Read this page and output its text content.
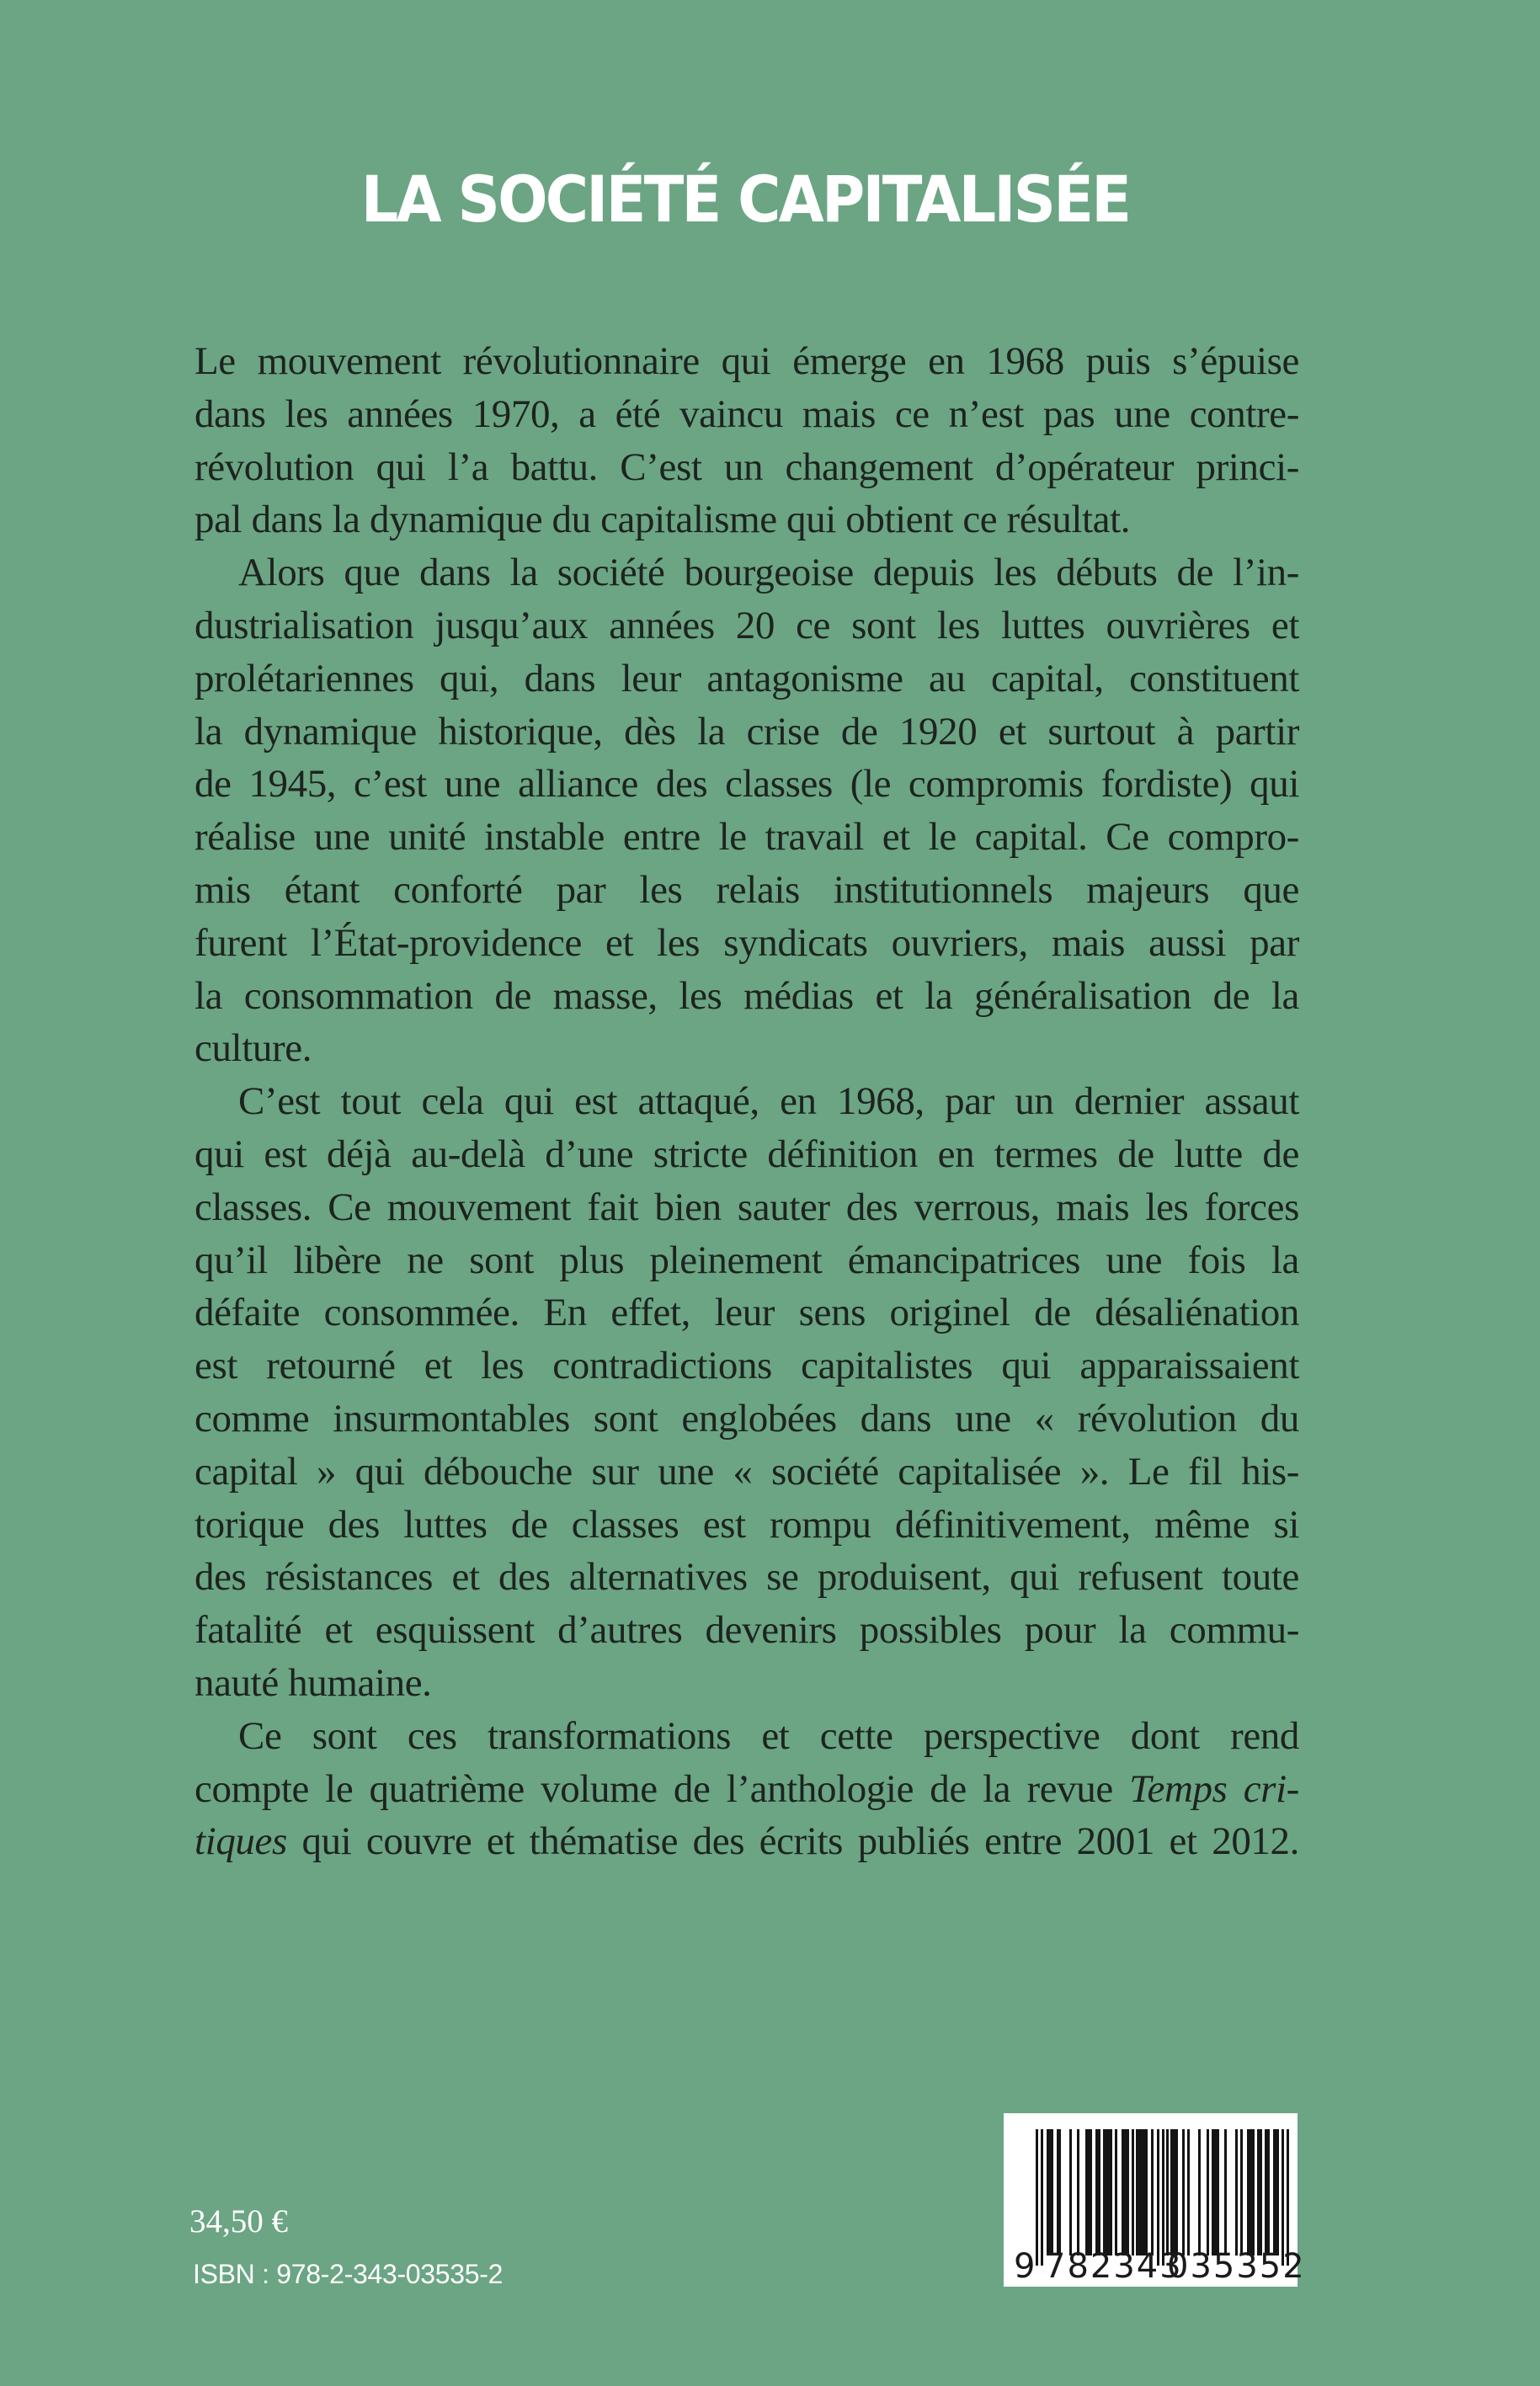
LA SOCIÉTÉ CAPITALISÉE
Le mouvement révolutionnaire qui émerge en 1968 puis s’épuise
dans les années 1970, a été vaincu mais ce n’est pas une contre-
révolution qui l’a battu. C’est un changement d’opérateur princi-
pal dans la dynamique du capitalisme qui obtient ce résultat.
Alors que dans la société bourgeoise depuis les débuts de l’in-
dustrialisation jusqu’aux années 20 ce sont les luttes ouvrières et
prolétariennes qui, dans leur antagonisme au capital, constituent
la dynamique historique, dès la crise de 1920 et surtout à partir
de 1945, c’est une alliance des classes (le compromis fordiste) qui
réalise une unité instable entre le travail et le capital. Ce compro-
mis étant conforté par les relais institutionnels majeurs que
furent l’État-providence et les syndicats ouvriers, mais aussi par
la consommation de masse, les médias et la généralisation de la
culture.
C’est tout cela qui est attaqué, en 1968, par un dernier assaut
qui est déjà au-delà d’une stricte définition en termes de lutte de
classes. Ce mouvement fait bien sauter des verrous, mais les forces
qu’il libère ne sont plus pleinement émancipatrices une fois la
défaite consommée. En effet, leur sens originel de désaliénation
est retourné et les contradictions capitalistes qui apparaissaient
comme insurmontables sont englobées dans une « révolution du
capital » qui débouche sur une « société capitalisée ». Le fil his-
torique des luttes de classes est rompu définitivement, même si
des résistances et des alternatives se produisent, qui refusent toute
fatalité et esquissent d’autres devenirs possibles pour la commu-
nauté humaine.
Ce sont ces transformations et cette perspective dont rend
compte le quatrième volume de l’anthologie de la revue Temps cri-
tiques qui couvre et thématise des écrits publiés entre 2001 et 2012.
34,50 €
ISBN : 978-2-343-03535-2	9 782343
035352
